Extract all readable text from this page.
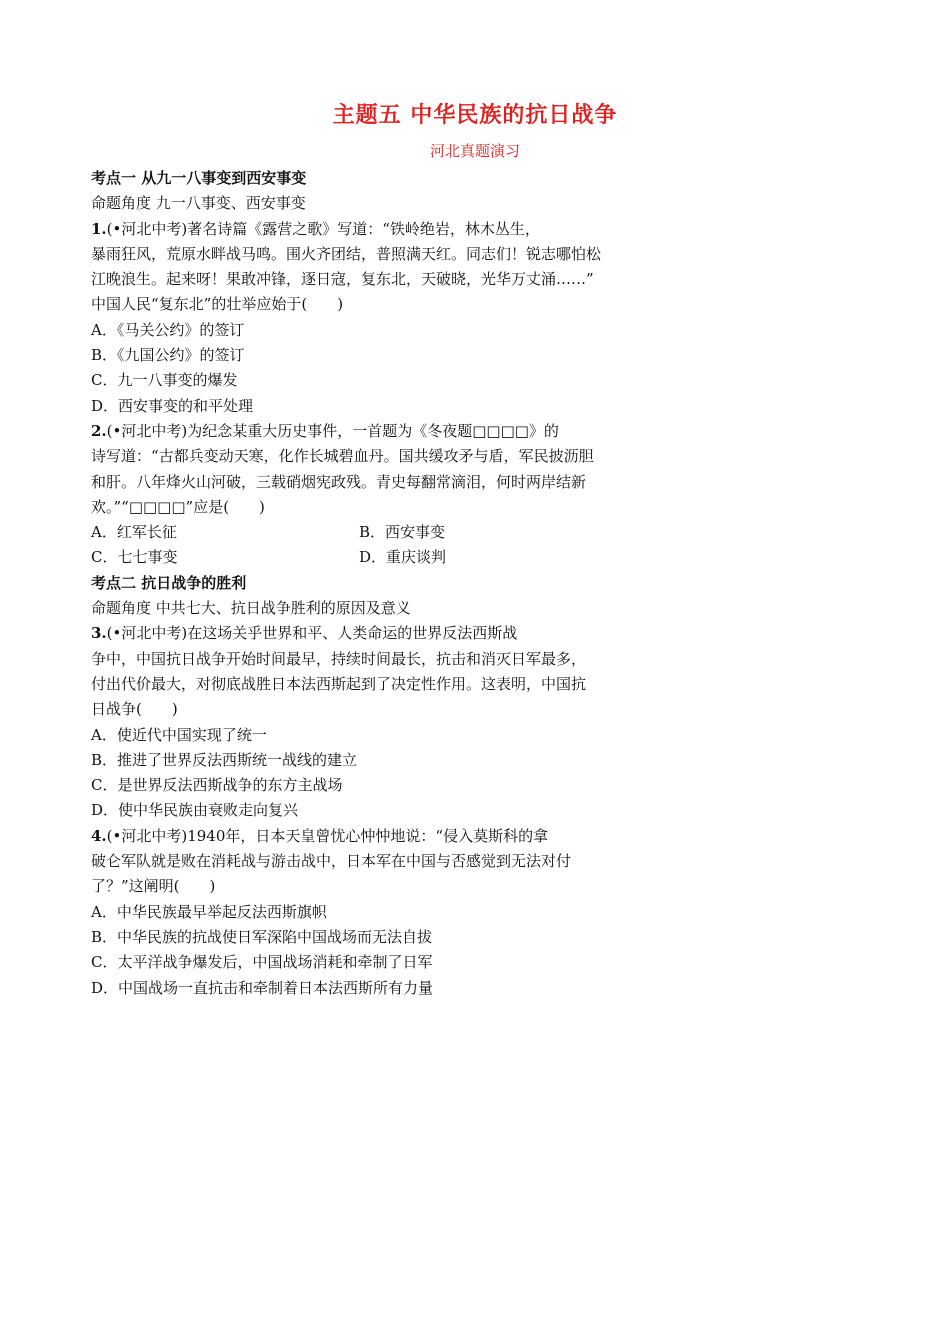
主题五 中华民族的抗日战争
河北真题演习
考点一 从九一八事变到西安事变
命题角度 九一八事变、西安事变
1.(•河北中考)著名诗篇《露营之歌》写道：“铁岭绝岩，林木丛生，
暴雨狂风，荒原水畔战马鸣。围火齐团结，普照满天红。同志们！锐志哪怕松
江晚浪生。起来呀！果敢冲锋，逐日寇，复东北，天破晓，光华万丈涌……”
中国人民“复东北”的壮举应始于(　　)
A．《马关公约》的签订
B．《九国公约》的签订
C．九一八事变的爆发
D．西安事变的和平处理
2.(•河北中考)为纪念某重大历史事件，一首题为《冬夜题□□□□》的
诗写道：“古都兵变动天寒，化作长城碧血丹。国共缓攻矛与盾，军民披沥胆
和肝。八年烽火山河破，三载硝烟宪政残。青史每翻常滴泪，何时两岸结新
欢。”“□□□□”应是(　　)
A．红军长征	B．西安事变
C．七七事变	D．重庆谈判
考点二 抗日战争的胜利
命题角度 中共七大、抗日战争胜利的原因及意义
3.(•河北中考)在这场关乎世界和平、人类命运的世界反法西斯战
争中，中国抗日战争开始时间最早，持续时间最长，抗击和消灭日军最多，
付出代价最大，对彻底战胜日本法西斯起到了决定性作用。这表明，中国抗
日战争(　　)
A．使近代中国实现了统一
B．推进了世界反法西斯统一战线的建立
C．是世界反法西斯战争的东方主战场
D．使中华民族由衰败走向复兴
4.(•河北中考)1940年，日本天皇曾忧心忡忡地说：“侵入莫斯科的拿
破仑军队就是败在消耗战与游击战中，日本军在中国与否感觉到无法对付
了？”这阐明(　　)
A．中华民族最早举起反法西斯旗帜
B．中华民族的抗战使日军深陷中国战场而无法自拔
C．太平洋战争爆发后，中国战场消耗和牵制了日军
D．中国战场一直抗击和牵制着日本法西斯所有力量
